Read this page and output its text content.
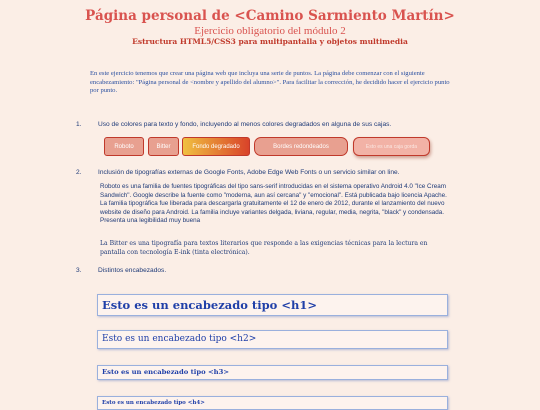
Página personal de <Camino Sarmiento Martín>

Ejercicio obligatorio del módulo 2

Estructura HTML5/CSS3 para multipantalla y objetos multimedia

En este ejercicio tenemos que crear una página web que incluya una serie de puntos. La página debe comenzar con el siguiente encabezamiento: "Página personal de <nombre y apellido del alumno>". Para facilitar la corrección, he decidido hacer el ejercicio punto por punto.
1.	Uso de colores para texto y fondo, incluyendo al menos colores degradados en alguna de sus cajas.
Roboto	Bitter	Fondo degradado	Bordes redondeados	Esto es una caja gorda
2.	Inclusión de tipografías externas de Google Fonts, Adobe Edge Web Fonts o un servicio similar on line.
Roboto es una familia de fuentes tipográficas del tipo sans-serif introducidas en el sistema operativo Android 4.0 "Ice Cream Sandwich". Google describe la fuente como "moderna, aun así cercana" y "emocional". Está publicada bajo licencia Apache. La familia tipográfica fue liberada para descargarla gratuitamente el 12 de enero de 2012, durante el lanzamiento del nuevo website de diseño para Android. La familia incluye variantes delgada, liviana, regular, media, negrita, "black" y condensada. Presenta una legibilidad muy buena
La Bitter es una tipografía para textos literarios que responde a las exigencias técnicas para la lectura en pantalla con tecnología E-ink (tinta electrónica).
3.	Distintos encabezados.
Esto es un encabezado tipo <h1>
Esto es un encabezado tipo <h2>
Esto es un encabezado tipo <h3>
Esto es un encabezado tipo <h4>
